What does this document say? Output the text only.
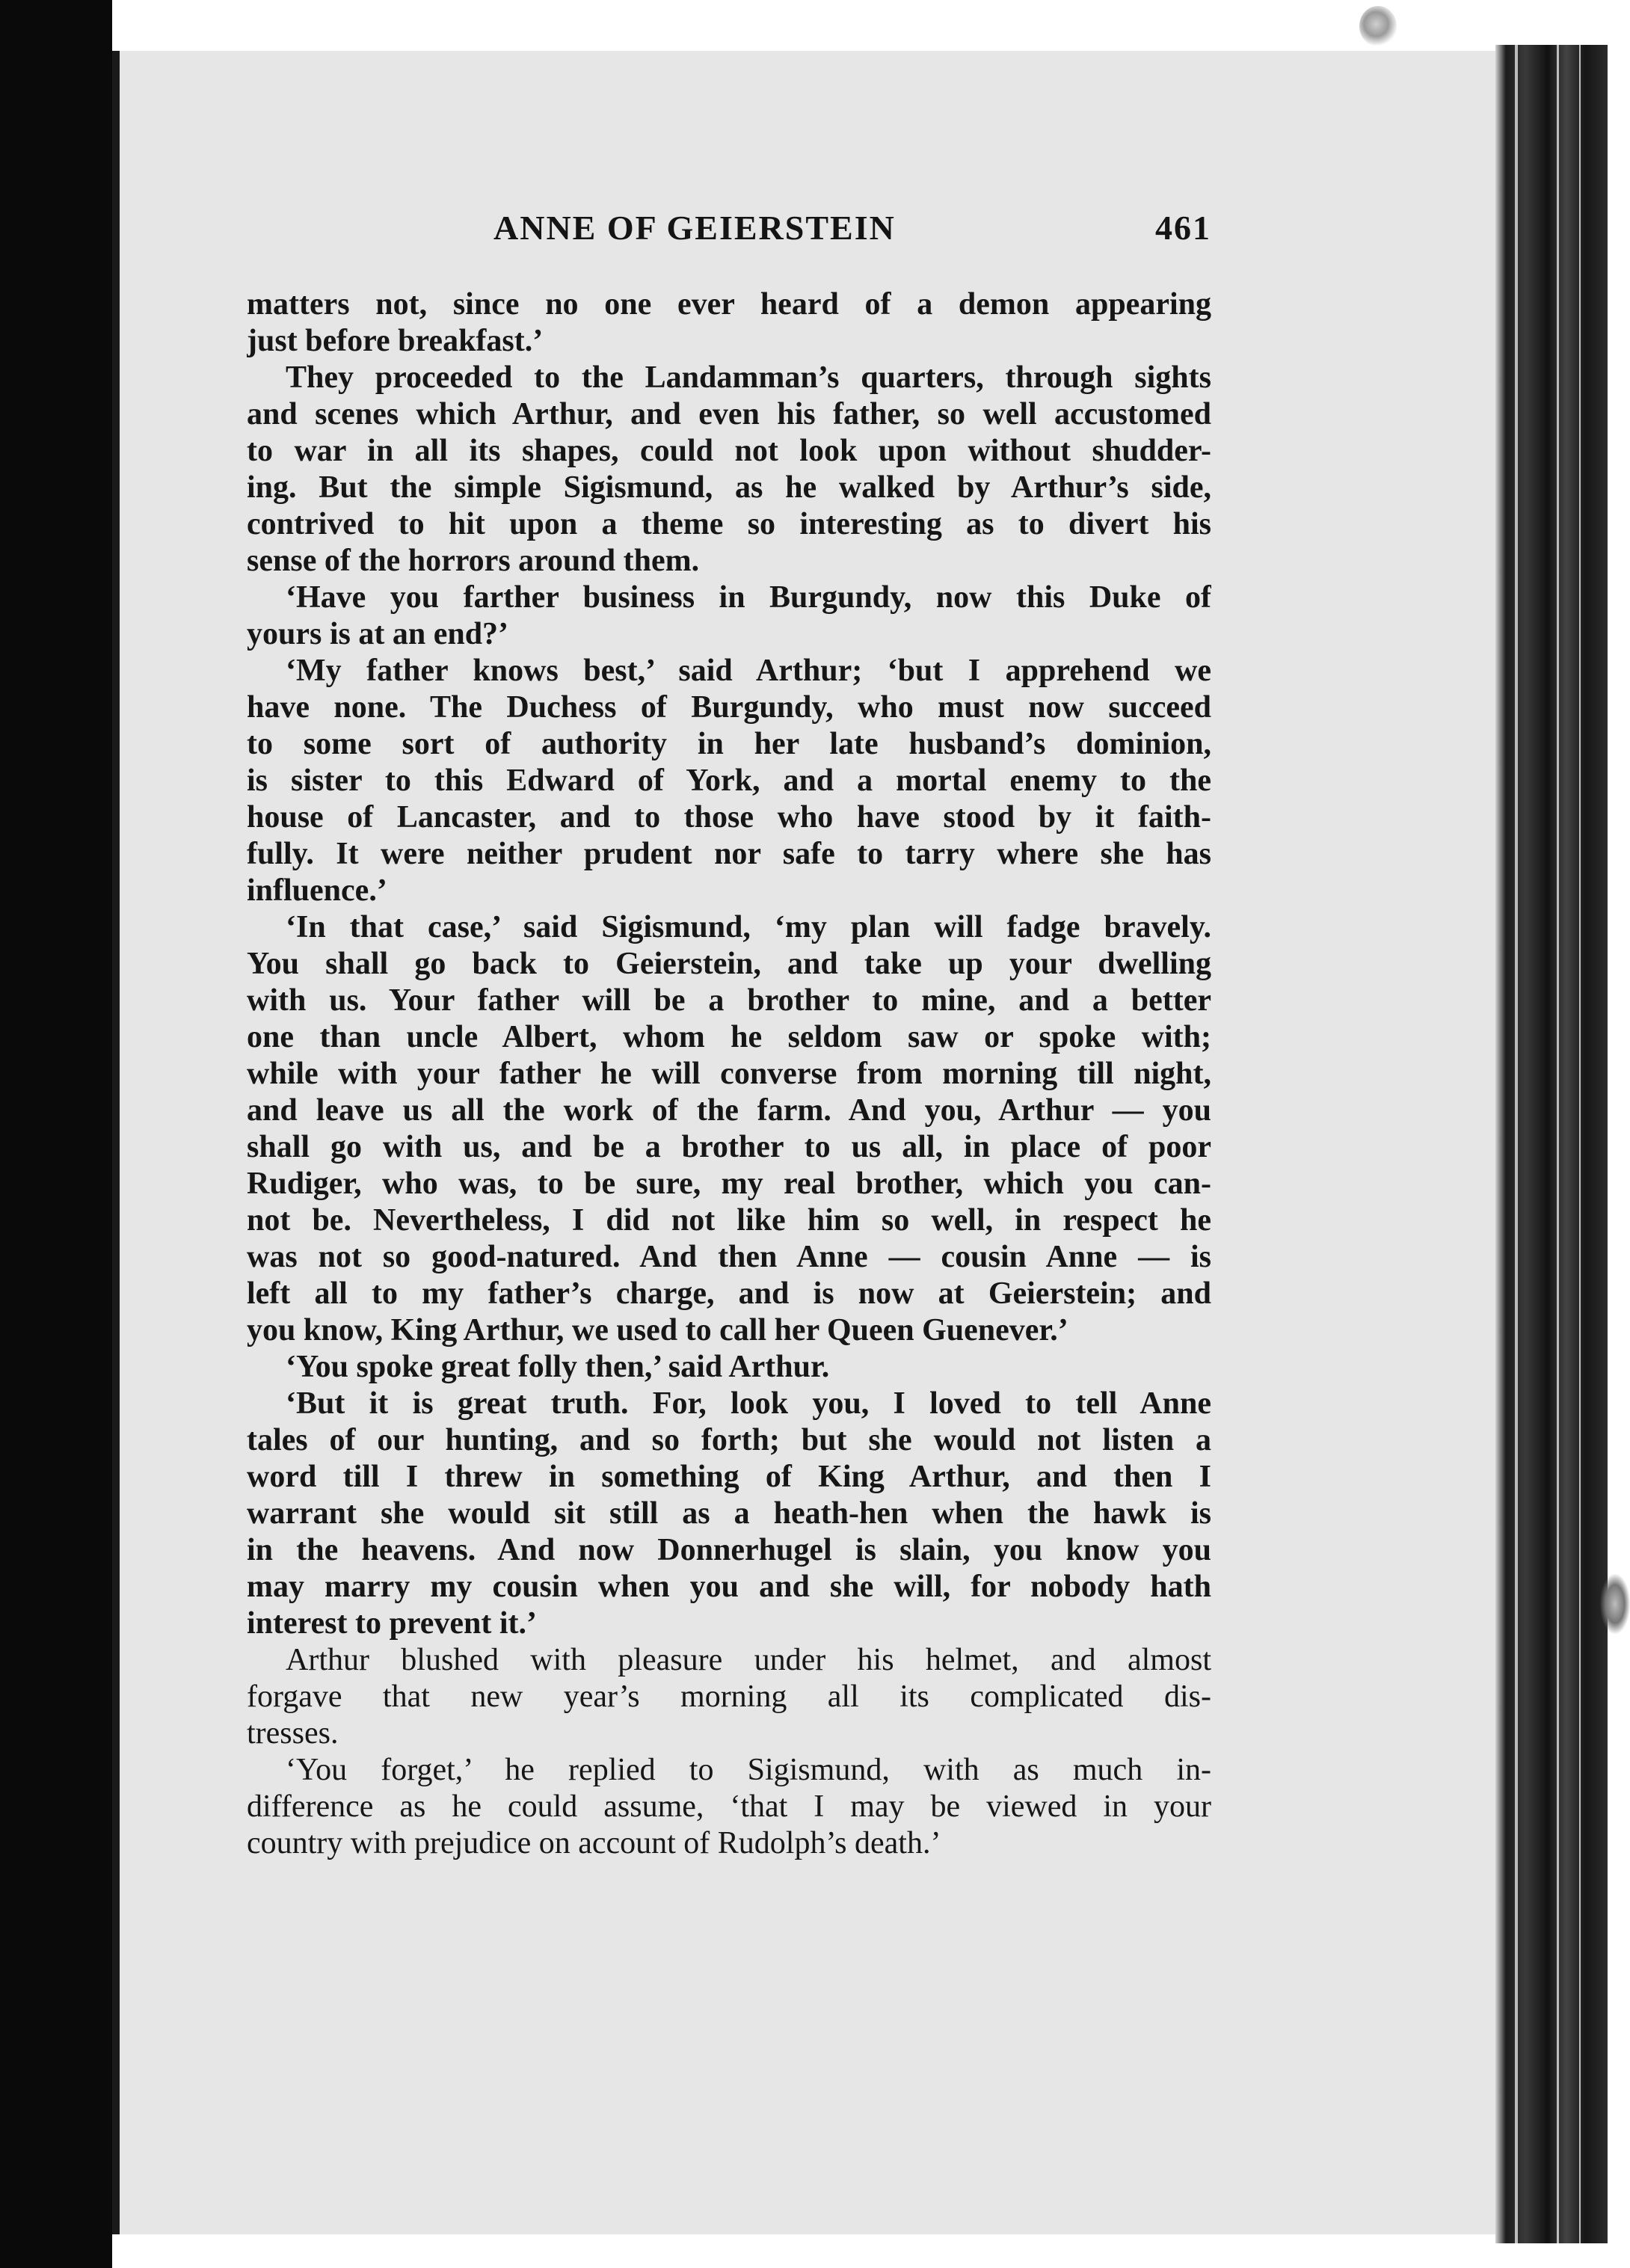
ANNE OF GEIERSTEIN	461
matters not, since no one ever heard of a demon appearing
just before breakfast.’
They proceeded to the Landamman’s quarters, through sights
and scenes which Arthur, and even his father, so well accustomed
to war in all its shapes, could not look upon without shudder-
ing. But the simple Sigismund, as he walked by Arthur’s side,
contrived to hit upon a theme so interesting as to divert his
sense of the horrors around them.
‘Have you farther business in Burgundy, now this Duke of
yours is at an end?’
‘My father knows best,’ said Arthur; ‘but I apprehend we
have none. The Duchess of Burgundy, who must now succeed
to some sort of authority in her late husband’s dominion,
is sister to this Edward of York, and a mortal enemy to the
house of Lancaster, and to those who have stood by it faith-
fully. It were neither prudent nor safe to tarry where she has
influence.’
‘In that case,’ said Sigismund, ‘my plan will fadge bravely.
You shall go back to Geierstein, and take up your dwelling
with us. Your father will be a brother to mine, and a better
one than uncle Albert, whom he seldom saw or spoke with;
while with your father he will converse from morning till night,
and leave us all the work of the farm. And you, Arthur — you
shall go with us, and be a brother to us all, in place of poor
Rudiger, who was, to be sure, my real brother, which you can-
not be. Nevertheless, I did not like him so well, in respect he
was not so good-natured. And then Anne — cousin Anne — is
left all to my father’s charge, and is now at Geierstein; and
you know, King Arthur, we used to call her Queen Guenever.’
‘You spoke great folly then,’ said Arthur.
‘But it is great truth. For, look you, I loved to tell Anne
tales of our hunting, and so forth; but she would not listen a
word till I threw in something of King Arthur, and then I
warrant she would sit still as a heath-hen when the hawk is
in the heavens. And now Donnerhugel is slain, you know you
may marry my cousin when you and she will, for nobody hath
interest to prevent it.’
Arthur blushed with pleasure under his helmet, and almost
forgave that new year’s morning all its complicated dis-
tresses.
‘You forget,’ he replied to Sigismund, with as much in-
difference as he could assume, ‘that I may be viewed in your
country with prejudice on account of Rudolph’s death.’
